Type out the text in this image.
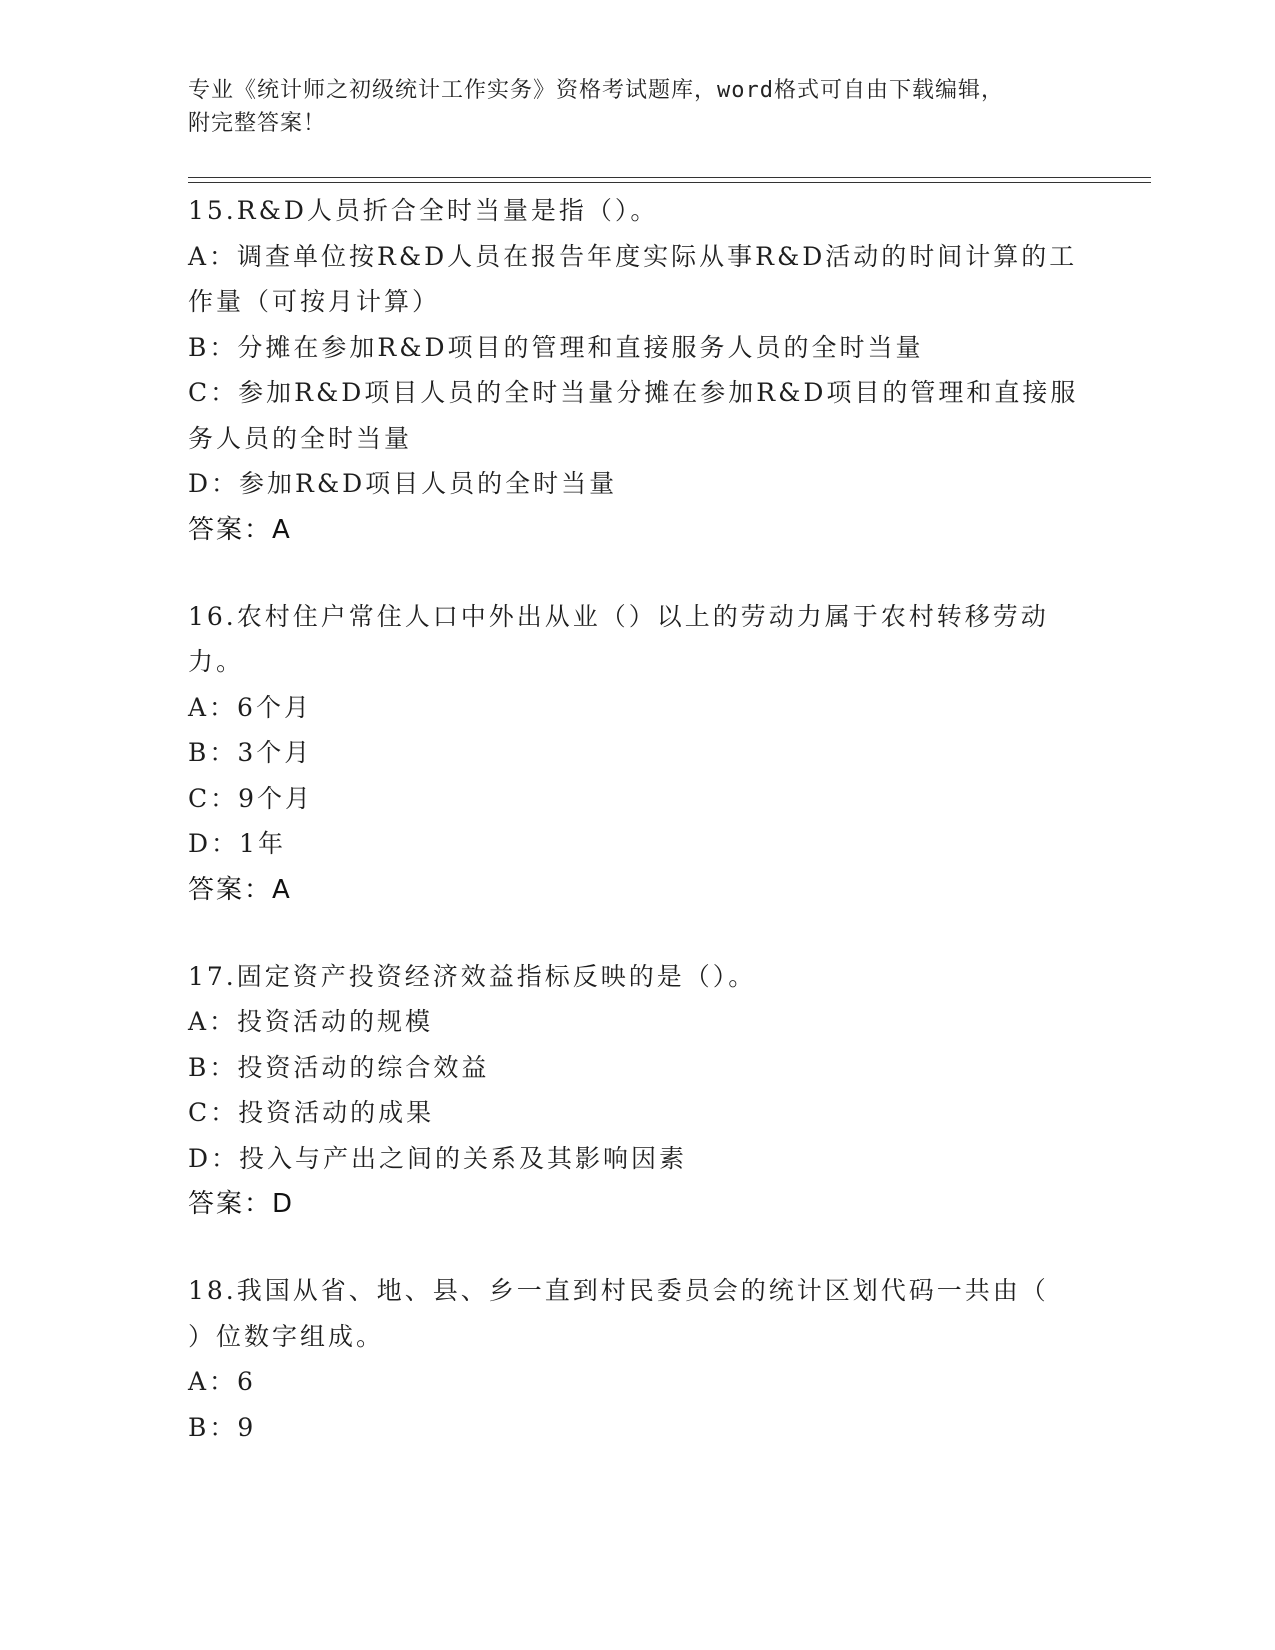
专业《统计师之初级统计工作实务》资格考试题库，word格式可自由下载编辑，
附完整答案！
15.R&D人员折合全时当量是指（）。
A：调查单位按R&D人员在报告年度实际从事R&D活动的时间计算的工
作量（可按月计算）
B：分摊在参加R&D项目的管理和直接服务人员的全时当量
C：参加R&D项目人员的全时当量分摊在参加R&D项目的管理和直接服
务人员的全时当量
D：参加R&D项目人员的全时当量
答案：A
16.农村住户常住人口中外出从业（）以上的劳动力属于农村转移劳动
力。
A：6个月
B：3个月
C：9个月
D：1年
答案：A
17.固定资产投资经济效益指标反映的是（）。
A：投资活动的规模
B：投资活动的综合效益
C：投资活动的成果
D：投入与产出之间的关系及其影响因素
答案：D
18.我国从省、地、县、乡一直到村民委员会的统计区划代码一共由（
）位数字组成。
A：6
B：9
